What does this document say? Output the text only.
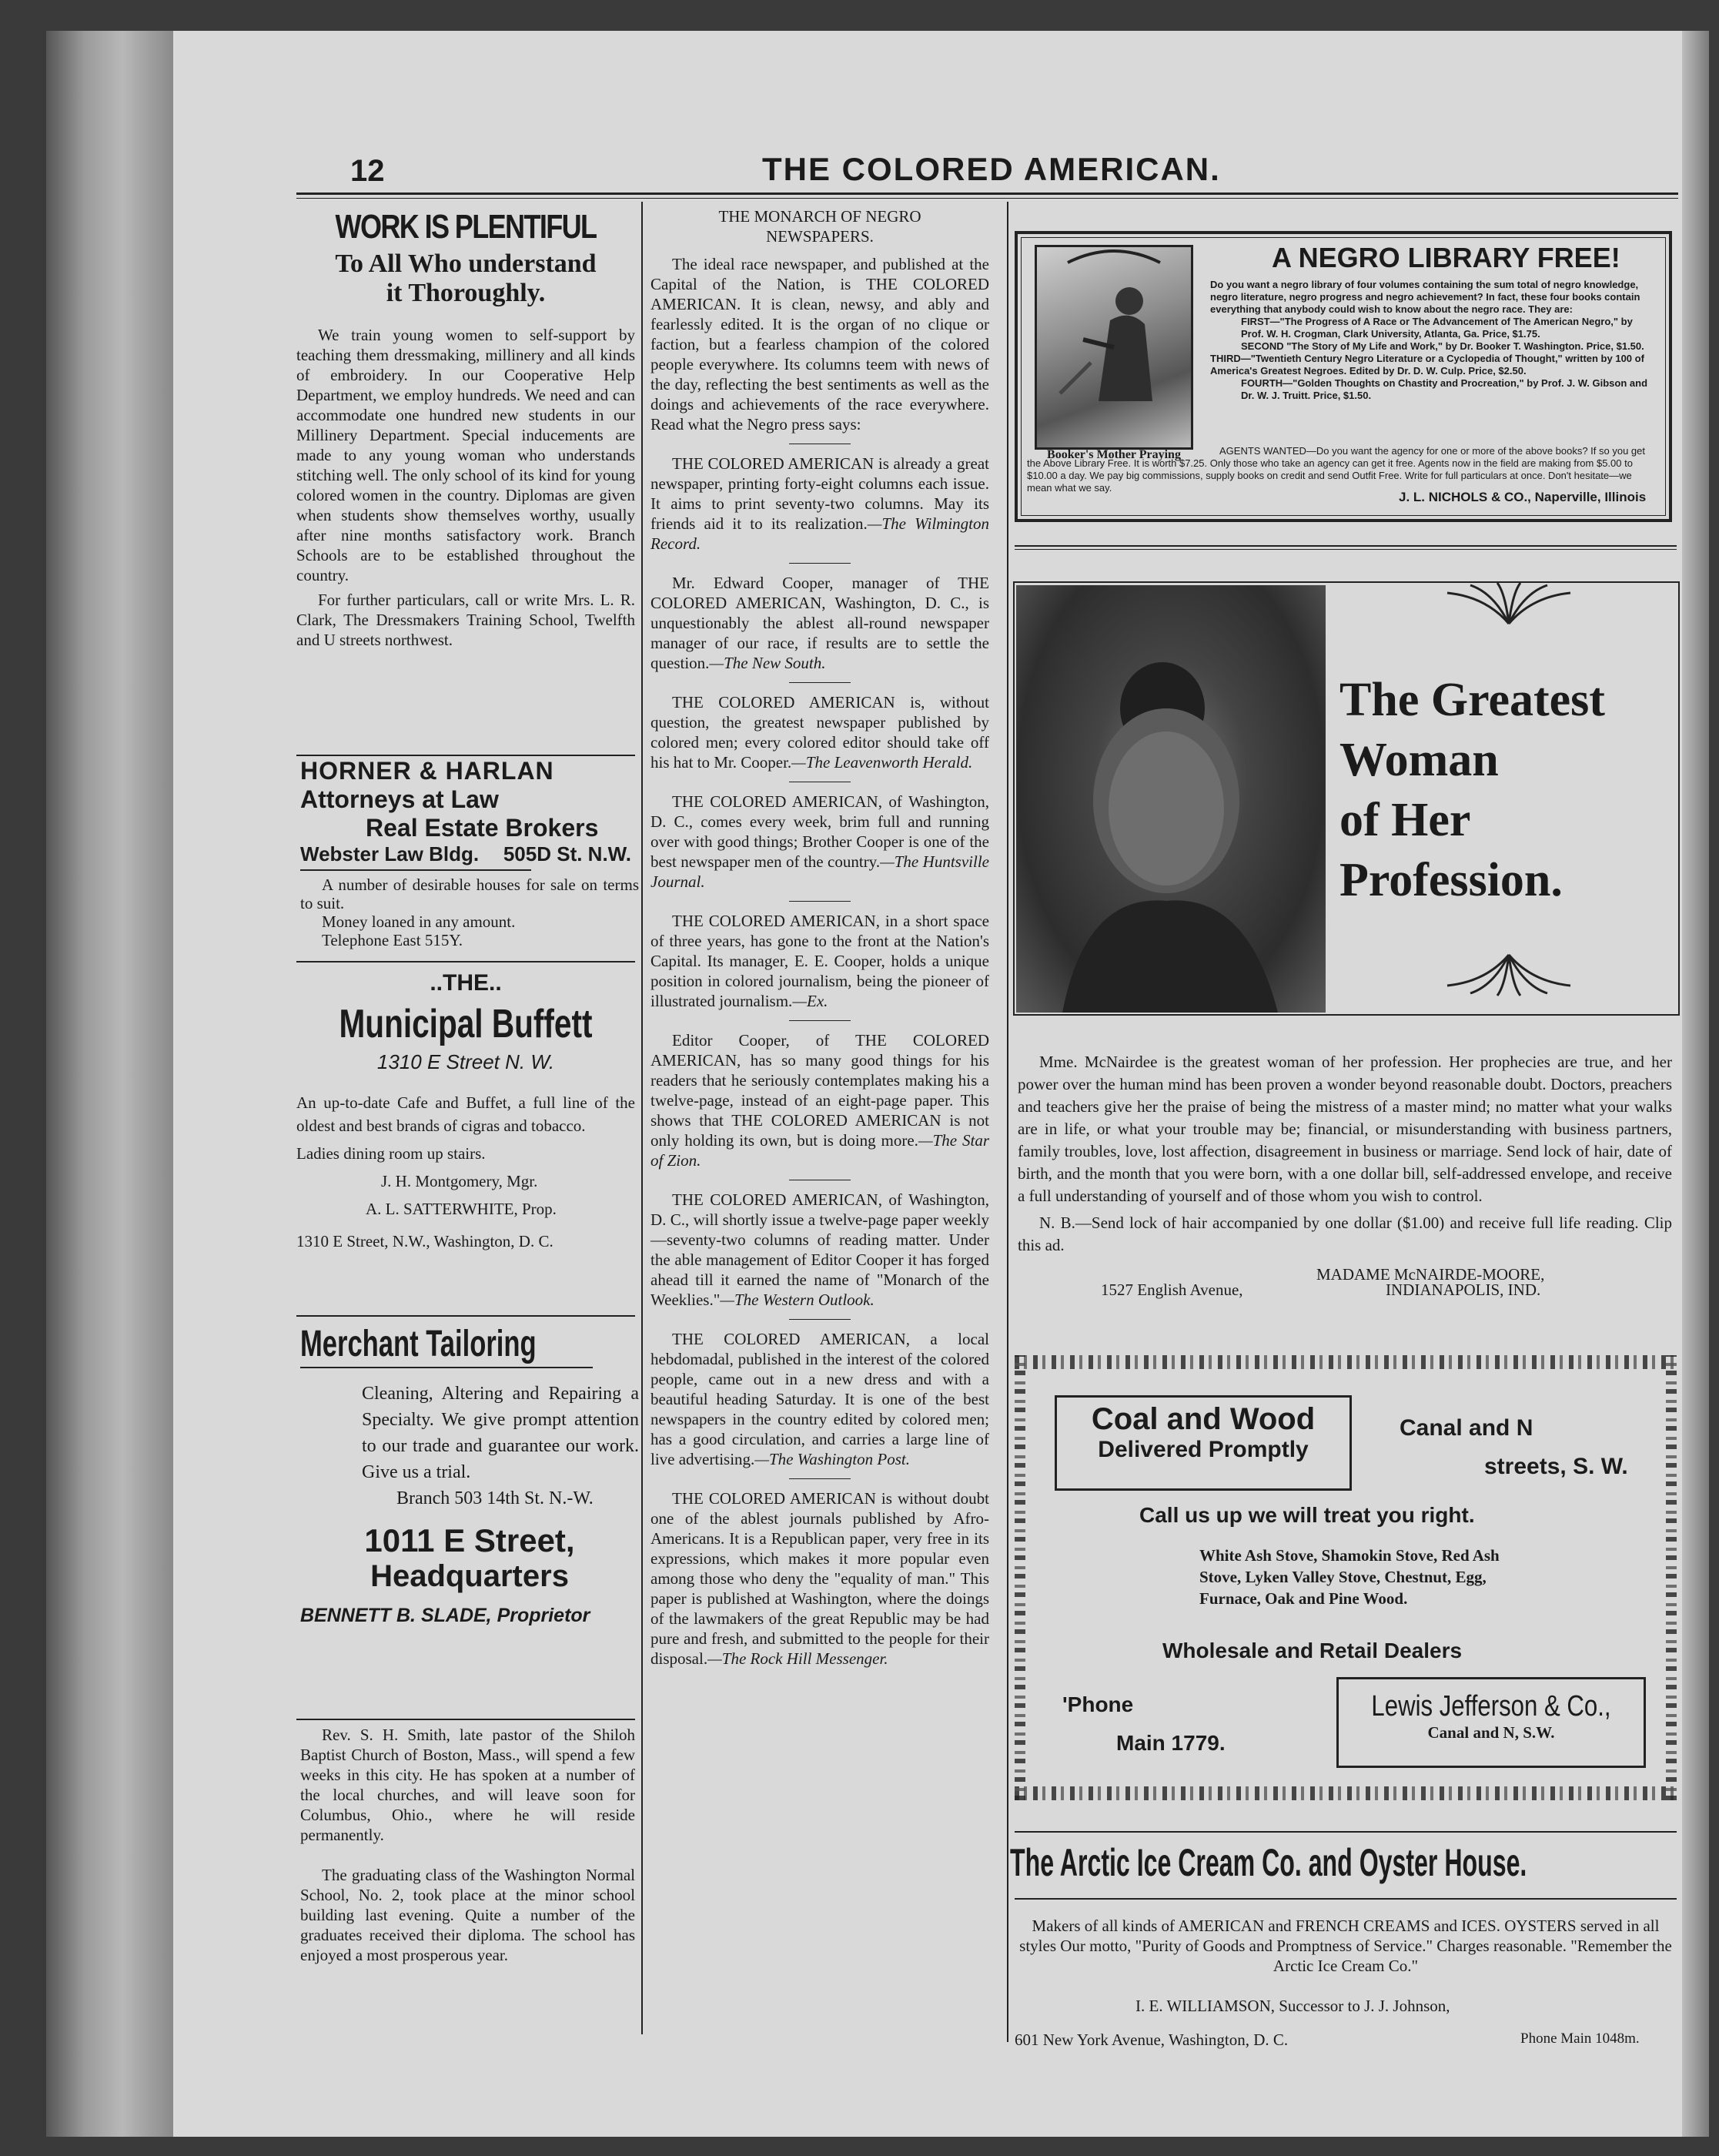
12	THE COLORED AMERICAN.
WORK IS PLENTIFUL
To All Who understand
it Thoroughly.

We train young women to self-support by teaching them dressmaking, millinery and all kinds of embroidery. In our Cooperative Help Department, we employ hundreds. We need and can accommodate one hundred new students in our Millinery Department. Special inducements are made to any young woman who understands stitching well. The only school of its kind for young colored women in the country. Diplomas are given when students show themselves worthy, usually after nine months satisfactory work. Branch Schools are to be established throughout the country.

For further particulars, call or write Mrs. L. R. Clark, The Dressmakers Training School, Twelfth and U streets northwest.

HORNER & HARLAN
Attorneys at Law
Real Estate Brokers
Webster Law Bldg. 505D St. N.W.
A number of desirable houses for sale on terms to suit.
Money loaned in any amount.
Telephone East 515Y.
..THE..
Municipal Buffett
1310 E Street N. W.

An up-to-date Cafe and Buffet, a full line of the oldest and best brands of cigras and tobacco.

Ladies dining room up stairs.

J. H. Montgomery, Mgr.
A. L. SATTERWHITE, Prop.
1310 E Street, N.W., Washington, D. C.
Merchant Tailoring
Cleaning, Altering and Repairing a Specialty. We give prompt attention to our trade and guarantee our work. Give us a trial.
Branch 503 14th St. N.-W.
1011 E Street,
Headquarters
BENNETT B. SLADE, Proprietor

Rev. S. H. Smith, late pastor of the Shiloh Baptist Church of Boston, Mass., will spend a few weeks in this city. He has spoken at a number of the local churches, and will leave soon for Columbus, Ohio., where he will reside permanently.

The graduating class of the Washington Normal School, No. 2, took place at the minor school building last evening. Quite a number of the graduates received their diploma. The school has enjoyed a most prosperous year.

THE MONARCH OF NEGRO NEWSPAPERS.

The ideal race newspaper, and published at the Capital of the Nation, is THE COLORED AMERICAN. It is clean, newsy, and ably and fearlessly edited. It is the organ of no clique or faction, but a fearless champion of the colored people everywhere. Its columns teem with news of the day, reflecting the best sentiments as well as the doings and achievements of the race everywhere. Read what the Negro press says:

THE COLORED AMERICAN is already a great newspaper, printing forty-eight columns each issue. It aims to print seventy-two columns. May its friends aid it to its realization.—The Wilmington Record.

Mr. Edward Cooper, manager of THE COLORED AMERICAN, Washington, D. C., is unquestionably the ablest all-round newspaper manager of our race, if results are to settle the question.—The New South.

THE COLORED AMERICAN is, without question, the greatest newspaper published by colored men; every colored editor should take off his hat to Mr. Cooper.—The Leavenworth Herald.

THE COLORED AMERICAN, of Washington, D. C., comes every week, brim full and running over with good things; Brother Cooper is one of the best newspaper men of the country.—The Huntsville Journal.

THE COLORED AMERICAN, in a short space of three years, has gone to the front at the Nation's Capital. Its manager, E. E. Cooper, holds a unique position in colored journalism, being the pioneer of illustrated journalism.—Ex.

Editor Cooper, of THE COLORED AMERICAN, has so many good things for his readers that he seriously contemplates making his a twelve-page, instead of an eight-page paper. This shows that THE COLORED AMERICAN is not only holding its own, but is doing more.—The Star of Zion.

THE COLORED AMERICAN, of Washington, D. C., will shortly issue a twelve-page paper weekly—seventy-two columns of reading matter. Under the able management of Editor Cooper it has forged ahead till it earned the name of "Monarch of the Weeklies."—The Western Outlook.

THE COLORED AMERICAN, a local hebdomadal, published in the interest of the colored people, came out in a new dress and with a beautiful heading Saturday. It is one of the best newspapers in the country edited by colored men; has a good circulation, and carries a large line of live advertising.—The Washington Post.

THE COLORED AMERICAN is without doubt one of the ablest journals published by Afro-Americans. It is a Republican paper, very free in its expressions, which makes it more popular even among those who deny the "equality of man." This paper is published at Washington, where the doings of the lawmakers of the great Republic may be had pure and fresh, and submitted to the people for their disposal.—The Rock Hill Messenger.

Booker's Mother Praying
A NEGRO LIBRARY FREE!
Do you want a negro library of four volumes containing the sum total of negro knowledge, negro literature, negro progress and negro achievement? In fact, these four books contain everything that anybody could wish to know about the negro race. They are:
FIRST—"The Progress of A Race or The Advancement of The American Negro," by Prof. W. H. Crogman, Clark University, Atlanta, Ga. Price, $1.75.
SECOND "The Story of My Life and Work," by Dr. Booker T. Washington. Price, $1.50.
THIRD—"Twentieth Century Negro Literature or a Cyclopedia of Thought," written by 100 of America's Greatest Negroes. Edited by Dr. D. W. Culp. Price, $2.50.
FOURTH—"Golden Thoughts on Chastity and Procreation," by Prof. J. W. Gibson and Dr. W. J. Truitt. Price, $1.50.
AGENTS WANTED—Do you want the agency for one or more of the above books? If so you get the Above Library Free. It is worth $7.25. Only those who take an agency can get it free. Agents now in the field are making from $5.00 to $10.00 a day. We pay big commissions, supply books on credit and send Outfit Free. Write for full particulars at once. Don't hesitate—we mean what we say.
J. L. NICHOLS & CO., Naperville, Illinois
The Greatest
Woman
of Her
Profession.

Mme. McNairdee is the greatest woman of her profession. Her prophecies are true, and her power over the human mind has been proven a wonder beyond reasonable doubt. Doctors, preachers and teachers give her the praise of being the mistress of a master mind; no matter what your walks are in life, or what your trouble may be; financial, or misunderstanding with business partners, family troubles, love, lost affection, disagreement in business or marriage. Send lock of hair, date of birth, and the month that you were born, with a one dollar bill, self-addressed envelope, and receive a full understanding of yourself and of those whom you wish to control.

N. B.—Send lock of hair accompanied by one dollar ($1.00) and receive full life reading. Clip this ad.

MADAME McNAIRDE-MOORE,
1527 English Avenue,	INDIANAPOLIS, IND.
Coal and Wood
Delivered Promptly
Canal and N
streets, S. W.
Call us up we will treat you right.
White Ash Stove, Shamokin Stove, Red Ash Stove, Lyken Valley Stove, Chestnut, Egg, Furnace, Oak and Pine Wood.
Wholesale and Retail Dealers
'Phone
Main 1779.
Lewis Jefferson & Co.,
Canal and N, S.W.
The Arctic Ice Cream Co. and Oyster House.
Makers of all kinds of AMERICAN and FRENCH CREAMS and ICES. OYSTERS served in all styles Our motto, "Purity of Goods and Promptness of Service." Charges reasonable. "Remember the Arctic Ice Cream Co."
I. E. WILLIAMSON, Successor to J. J. Johnson,
601 New York Avenue, Washington, D. C.	Phone Main 1048m.
